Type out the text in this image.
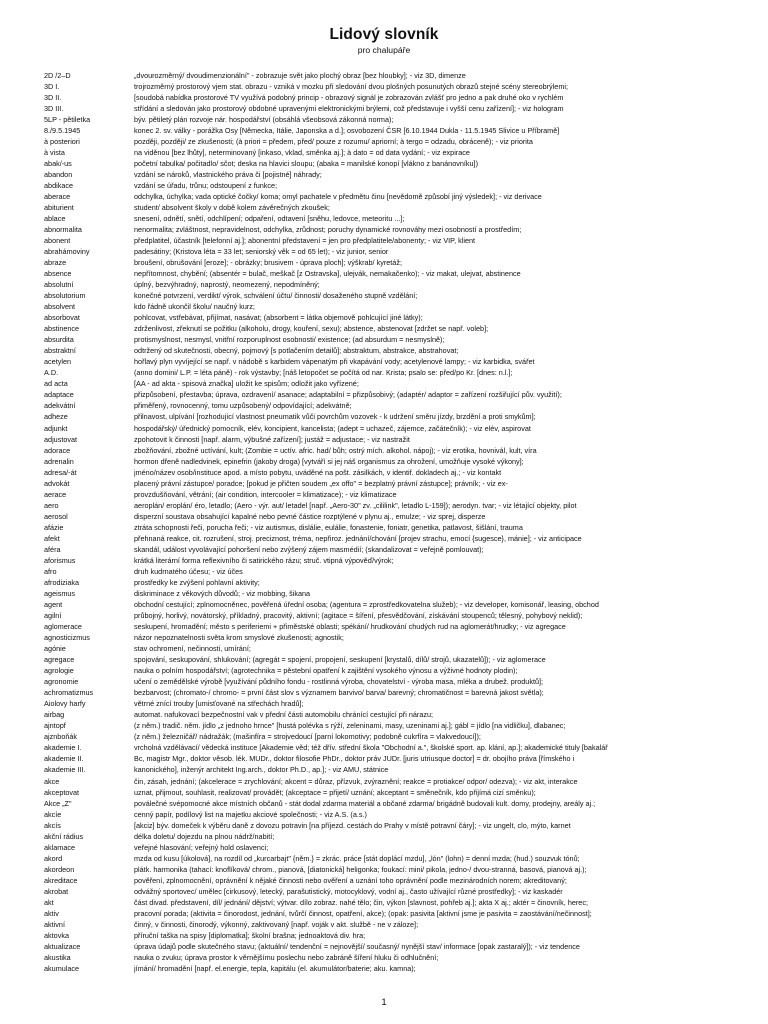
Lidový slovník
pro chalupáře
2D /2–D	„dvourozměrný/ dvoudimenzionální" - zobrazuje svět jako plochý obraz [bez hloubky]; - viz 3D, dimenze
3D I.	trojrozměrný prostorový vjem stat. obrazu - vzniká v mozku při sledování dvou plošných posunutých obrazů stejné scény stereobrýlemi;
3D II.	[soudobá nabídka prostorové TV využívá podobný princip - obrazový signál je zobrazován zvlášť pro jedno a pak druhé oko v rychlém
3D III.	střídání a sledován jako prostorový obdobné upravenými elektronickými brýlemi, což představuje i vyšší cenu zařízení]; - viz hologram
5LP - pětiletka	býv. pětiletý plán rozvoje nár. hospodářství (obsáhlá všeobsová zákonná norma);
8./9.5.1945	konec 2. sv. války - porážka Osy [Německa, Itálie, Japonska a d.]; osvobození ČSR [6.10.1944 Dukla - 11.5.1945 Slivice u Příbramě]
à posteriori	později, později/ ze zkušenosti; (à priori = předem, před/ pouze z rozumu/ apriorní; à tergo = odzadu, obráceně); - viz priorita
à vista	na viděnou [bez lhůty], neterminovaný [inkaso, vklad, směnka aj.]; à dato = od data vydání; - viz expirace
abak/-us	početní tabulka/ počitadlo/ sčot; deska na hlavici sloupu; (abaka = manilské konopí [vlákno z banánovníku])
abandon	vzdání se nároků, vlastnického práva či [pojistné] náhrady;
abdikace	vzdání se úřadu, trůnu; odstoupení z funkce;
aberace	odchylka, úchylka; vada optické čočky/ koma; omyl pachatele v předmětu činu [nevědomě způsobí jiný výsledek]; - viz derivace
abiturient	student/ absolvent školy v době kolem závěrečných zkoušek;
ablace	snesení, odnětí, snětí, odchlípení; odpaření, odtavení [sněhu, ledovce, meteoritu ...];
abnormalita	nenormalita; zvláštnost, nepravidelnost, odchylka, zrůdnost; poruchy dynamické rovnováhy mezi osobností a prostředím;
abonent	předplatitel, účastník [telefonní aj.]; abonentní představení = jen pro předplatitele/abonenty; - viz VIP, klient
abrahámoviny	padesátiny; (Kristova léta = 33 let; seniorský věk = od 65 let); - viz junior, senior
abraze	broušení, obrušování [eroze]; - obrázky; brusivem - úprava ploch]; výškrab/ kyretáž;
absence	nepřítomnost, chybění; (absentér = bulač, meškač [z Ostravska], ulejvák, nemakačenko); - viz makat, ulejvat, abstinence
absolutní	úplný, bezvýhradný, naprostý, neomezený, nepodmíněný;
absolutorium	konečné potvrzení, verdikt/ výrok, schválení účtu/ činnosti/ dosaženého stupně vzdělání;
absolvent	kdo řádně ukončil školu/ naučný kurz;
absorbovat	pohlcovat, vstřebávat, přijímat, nasávat; (absorbent = látka objemově pohlcující jiné látky);
abstinence	zdrženlivost, zřeknutí se požitku (alkoholu, drogy, kouření, sexu); abstence, abstenovat [zdržet se např. voleb];
absurdita	protismyslnost, nesmysl, vnitřní rozporuplnost osobnosti/ existence; (ad absurdum = nesmyslně);
abstraktní	odtržený od skutečnosti, obecný, pojmový [s potlačením detailů]; abstraktum, abstrakce, abstrahovat;
acetylen	hořlavý plyn vyvíjející se např. v nádobě s karbidem vápenatým při vkapávání vody; acetylenové lampy; - viz karbidka, svářet
A.D.	(anno domini/ L.P. = léta páně) - rok výstavby; [náš letopočet se počítá od nar. Krista; psalo se: před/po Kr. [dnes: n.l.];
ad acta	[AA - ad akta - spisová značka] uložit ke spisům; odložit jako vyřízené;
adaptace	přizpůsobení, přestavba; úprava, ozdravení/ asanace; adaptabilní = přizpůsobivý; (adaptér/ adaptor = zařízení rozšiřující pův. využití);
adekvátní	přiměřený, rovnocenný, tomu uzpůsobený/ odpovídající; adekvátně;
adheze	přilnavost, ulpívání [rozhodující vlastnost pneumatik vůči povrchům vozovek - k udržení směru jízdy, brzdění a proti smykům];
adjunkt	hospodářský/ úřednický pomocník, elév, koncipient, kancelista; (adept = uchazeč, zájemce, začátečník); - viz elév, aspirovat
adjustovat	zpohotovit k činnosti [např. alarm, výbušné zařízení]; justáž = adjustace; - viz nastražit
adorace	zbožňování, zbožné uctívání, kult; (Zombie = uctív. afric. had/ bůh; ostrý mích. alkohol. nápoj); - viz erotika, hovnivál, kult, víra
adrenalin	hormon dřeně nadledvinek, epinefrin (jakoby droga) [vytváří si jej náš organismus za ohrožení, umožňuje vysoké výkony];
adresa/-át	jméno/název osob/instituce apod. a místo pobytu, uváděné na pošt. zásilkách, v identif. dokladech aj.; - viz kontakt
advokát	placený právní zástupce/ poradce; [pokud je přičten soudem „ex offo" = bezplatný právní zástupce]; právník; - viz ex-
aerace	provzdušňování, větrání; (air condition, intercooler = klimatizace); - viz klimatizace
aero	aeroplán/ eroplán/ éro, letadlo; (Aero - výr. aut/ letadel [např. „Aero-30" zv. „cililink", letadlo L-159]); aerodyn. tvar; - viz létající objekty, pilot
aerosol	disperzní soustava obsahující kapalné nebo pevné částice rozptýlené v plynu aj., emulze; - viz sprej, disperze
afázie	ztráta schopnosti řeči, porucha řeči; - viz autismus, dislálie, eulálie, fonastenie, foniatr, genetika, patlavost, šišlání, trauma
afekt	přehnaná reakce, cit. rozrušení, stroj. preciznost, tréma, nepřiroz. jednání/chování [projev strachu, emocí {sugesce}, mánie]; - viz anticipace
aféra	skandál, událost vyvolávající pohoršení nebo zvýšený zájem masmédií; (skandalizovat = veřejně pomlouvat);
aforismus	krátká literární forma reflexivního či satirického rázu; struč. vtipná výpověď/výrok;
afro	druh kudrnatého účesu; - viz účes
afrodiziaka	prostředky ke zvýšení pohlavní aktivity;
ageismus	diskriminace z věkových důvodů; - viz mobbing, šikana
agent	obchodní cestující; zplnomocněnec, pověřená úřední osoba; (agentura = zprostředkovatelna služeb); - viz developer, komisonář, leasing, obchod
agilní	průbojný, horlivý, novátorský, příkladný, pracovitý, aktivní; (agitace = šíření, přesvědčování, získávání stoupenců; tělesný, pohybový neklid);
aglomerace	seskupení, hromadění; město s periferiemi + přiměstské oblasti; spékání/ hrudkování chudých rud na aglomerát/hrudky; - viz agregace
agnosticizmus	názor nepoznatelnosti světa krom smyslové zkušenosti; agnostik;
agónie	stav ochromení, nečinnosti, umírání;
agregace	spojování, seskupování, shlukování; (agregát = spojení, propojení, seskupení [krystalů, dílů/ strojů, ukazatelů]); - viz aglomerace
agrologie	nauka o polním hospodářství; (agrotechnika = pěstební opatření k zajištění vysokého výnosu a výživné hodnoty plodin);
agronomie	učení o zemědělské výrobě [využívání půdního fondu - rostlinná výroba, chovatelství - výroba masa, mléka a drubež. produktů];
achromatizmus	bezbarvost; (chromato-/ chromo- = první část slov s významem barvivo/ barva/ barevný; chromatičnost = barevná jakost světla);
Aiolovy harfy	větrné znící trouby [umisťované na střechách hradů];
airbag	automat. nafukovací bezpečnostní vak v přední části automobilu chránící cestující při nárazu;
ajntopf	(z něm.) tradič. něm. jídlo „z jednoho hrnce" [hustá polévka s rýží, zeleninami, masy, uzeninami aj.]; gábl = jídlo [na vidličku], dlabanec;
ajznboňák	(z něm.) železničář/ nádražák; (mašinfíra = strojvedoucí [parní lokomotivy; podobně cukrfíra = vlakvedoucí]);
akademie I.	vrcholná vzdělávací/ vědecká instituce [Akademie věd; též dřív. střední škola "Obchodní a.", školské sport. ap. klání, ap.]; akademické tituly [bakalář
akademie II.	Bc, magistr Mgr., doktor věsob. lék. MUDr., doktor filosofie PhDr., doktor práv JUDr. [juris utriusque doctor] = dr. obojího práva [římského i
akademie III.	kanonického], inženýr architekt Ing.arch., doktor Ph.D., ap.]; - viz AMU, státnice
akce	čin, zásah, jednání; (akcelerace = zrychlování; akcent = důraz, přízvuk, zvýraznění; reakce = protiakce/ odpor/ odezva); - viz akt, interakce
akceptovat	uznat, přijmout, souhlasit, realizovat/ provádět; (akceptace = přijetí/ uznání; akceptant = směnečník, kdo přijímá cizí směnku);
Akce „Z"	poválečné svépomocné akce místních občanů - stát dodal zdarma materiál a občané zdarma/ brigádně budovali kult. domy, prodejny, areály aj.;
akcíe	cenný papír, podílový list na majetku akciové společnosti; - viz A.S. (a.s.)
akcís	[akciz] býv. domeček k výběru daně z dovozu potravin [na příjezd. cestách do Prahy v místě potravní čáry]; - viz ungelt, clo, mýto, karnet
akční rádius	délka doletu/ dojezdu na plnou nádrž/nabití;
aklamace	veřejné hlasování; veřejný hold oslavenci;
akord	mzda od kusu [úkolová], na rozdíl od „kurcarbajt" {něm.} = zkrác. práce [stát doplácí mzdu], „lón" (lohn) = denní mzda; (hud.) souzvuk tónů;
akordeon	plátk. harmonika (tahací: knoflíková/ chrom., pianová, [diatonická] heligonka; foukací: mini/ pikola, jedno-/ dvou-stranná, basová, pianová aj.);
akreditace	pověření, zplnomocnění, oprávnění k nějaké činnosti nebo ověření a uznání toho oprávnění podle mezinárodních norem; akreditovaný;
akrobat	odvážný sportovec/ umělec [cirkusový, letecký, parašutistický, motocyklový, vodní aj., často užívající různé prostředky]; - viz kaskadér
akt	část divad. představení, díl/ jednání/ dějství; výtvar. dílo zobraz. nahé tělo; čin, výkon [slavnost, pohřeb aj.]; akta X aj.; aktér = činovník, herec;
aktiv	pracovní porada; (aktivita = činorodost, jednání, tvůrčí činnost, opatření, akce); (opak: pasivita [aktivní jsme je pasivita = zaostávání/nečinnost];
aktivní	činný, v činnosti, činorodý, výkonný, zaktivovaný [např. voják v akt. službě - ne v záloze];
aktovka	příruční taška na spisy [diplomatka]; školní brašna; jednoaktová div. hra;
aktualizace	úprava údajů podle skutečného stavu; (aktuální/ tendenční = nejnovější/ současný/ nynější stav/ informace [opak zastaralý]); - viz tendence
akustika	nauka o zvuku; úprava prostor k věrnějšímu poslechu nebo zabráně šíření hluku či odhlučnění;
akumulace	jímání/ hromadění [např. el.energie, tepla, kapitálu (el. akumulátor/baterie; aku. kamna);
1
